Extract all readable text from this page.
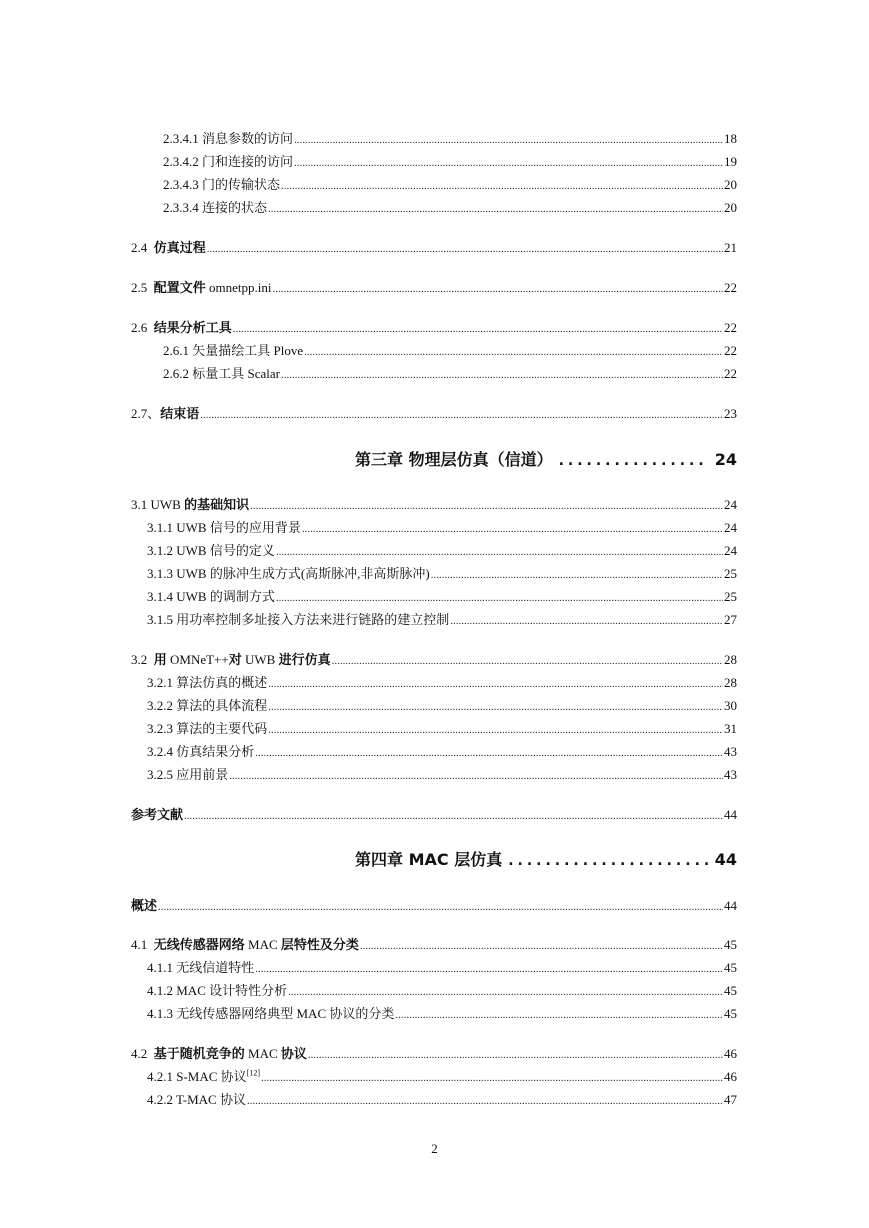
2.3.4.1 消息参数的访问 .....	18
2.3.4.2 门和连接的访问 .....	19
2.3.4.3 门的传输状态 .....	20
2.3.3.4 连接的状态 .....	20
2.4 仿真过程 .....	21
2.5 配置文件 omnetpp.ini .....	22
2.6 结果分析工具 .....	22
2.6.1 矢量描绘工具 Plove .....	22
2.6.2 标量工具 Scalar .....	22
2.7、结束语 .....	23
第三章 物理层仿真（信道） .....	24
3.1 UWB 的基础知识 .....	24
3.1.1 UWB 信号的应用背景 .....	24
3.1.2 UWB 信号的定义 .....	24
3.1.3 UWB 的脉冲生成方式(高斯脉冲,非高斯脉冲) .....	25
3.1.4 UWB 的调制方式 .....	25
3.1.5 用功率控制多址接入方法来进行链路的建立控制 .....	27
3.2 用 OMNeT++对 UWB 进行仿真 .....	28
3.2.1 算法仿真的概述 .....	28
3.2.2 算法的具体流程 .....	30
3.2.3 算法的主要代码 .....	31
3.2.4 仿真结果分析 .....	43
3.2.5 应用前景 .....	43
参考文献 .....	44
第四章 MAC 层仿真 .....	44
概述 .....	44
4.1 无线传感器网络 MAC 层特性及分类 .....	45
4.1.1 无线信道特性 .....	45
4.1.2 MAC 设计特性分析 .....	45
4.1.3 无线传感器网络典型 MAC 协议的分类 .....	45
4.2 基于随机竞争的 MAC 协议 .....	46
4.2.1 S-MAC 协议[12] .....	46
4.2.2 T-MAC 协议 .....	47
2
